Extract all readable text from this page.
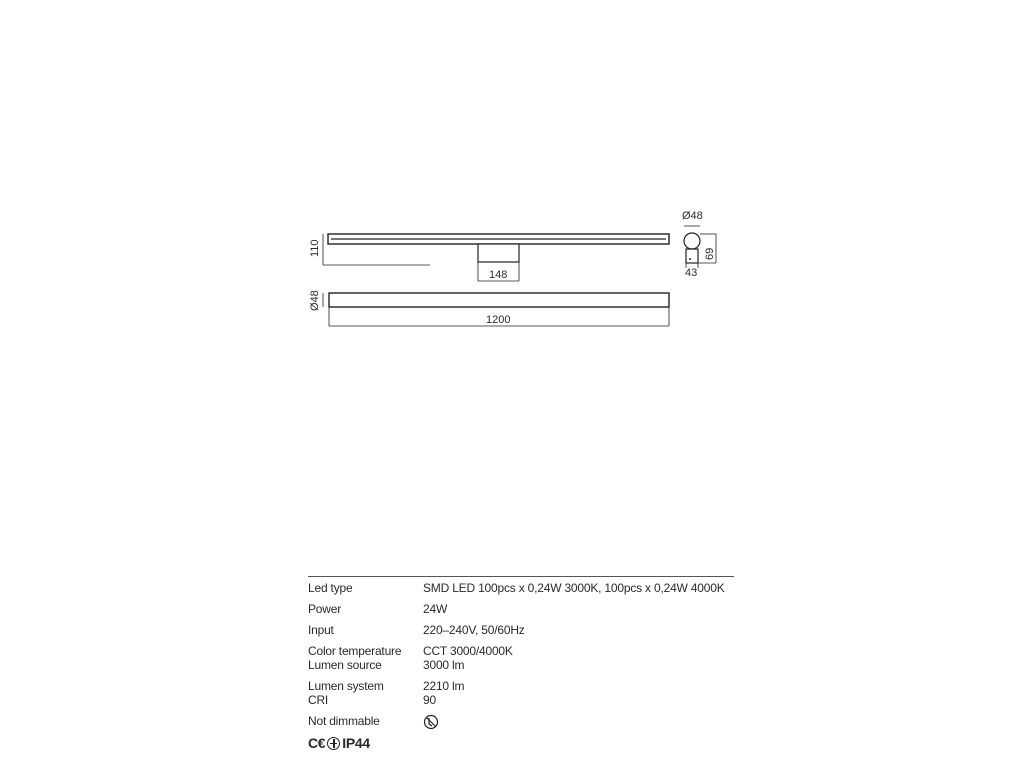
110
148
Ø48
1200
Ø48
69
43
Led type	SMD LED 100pcs x 0,24W 3000K, 100pcs x 0,24W 4000K
Power	24W
Input	220–240V, 50/60Hz
Color temperature	CCT 3000/4000K
Lumen source	3000 lm
Lumen system	2210 lm
CRI	90
Not dimmable
C€ IP44
